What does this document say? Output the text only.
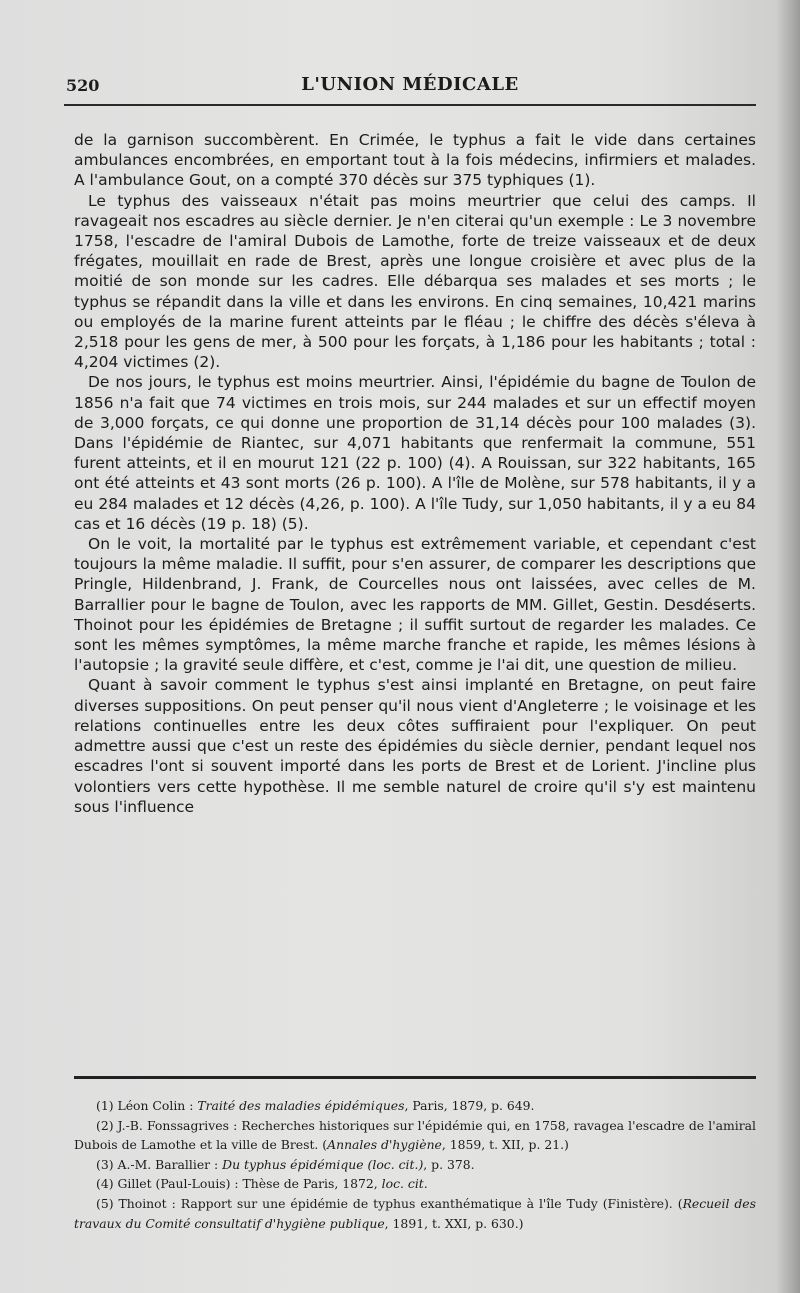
520	L'UNION MÉDICALE

de la garnison succombèrent. En Crimée, le typhus a fait le vide dans certaines ambulances encombrées, en emportant tout à la fois médecins, infirmiers et malades. A l'ambulance Gout, on a compté 370 décès sur 375 typhiques (1).

Le typhus des vaisseaux n'était pas moins meurtrier que celui des camps. Il ravageait nos escadres au siècle dernier. Je n'en citerai qu'un exemple : Le 3 novembre 1758, l'escadre de l'amiral Dubois de Lamothe, forte de treize vaisseaux et de deux frégates, mouillait en rade de Brest, après une longue croisière et avec plus de la moitié de son monde sur les cadres. Elle débarqua ses malades et ses morts ; le typhus se répandit dans la ville et dans les environs. En cinq semaines, 10,421 marins ou employés de la marine furent atteints par le fléau ; le chiffre des décès s'éleva à 2,518 pour les gens de mer, à 500 pour les forçats, à 1,186 pour les habitants ; total : 4,204 victimes (2).

De nos jours, le typhus est moins meurtrier. Ainsi, l'épidémie du bagne de Toulon de 1856 n'a fait que 74 victimes en trois mois, sur 244 malades et sur un effectif moyen de 3,000 forçats, ce qui donne une proportion de 31,14 décès pour 100 malades (3). Dans l'épidémie de Riantec, sur 4,071 habitants que renfermait la commune, 551 furent atteints, et il en mourut 121 (22 p. 100) (4). A Rouissan, sur 322 habitants, 165 ont été atteints et 43 sont morts (26 p. 100). A l'île de Molène, sur 578 habitants, il y a eu 284 malades et 12 décès (4,26, p. 100). A l'île Tudy, sur 1,050 habitants, il y a eu 84 cas et 16 décès (19 p. 18) (5).

On le voit, la mortalité par le typhus est extrêmement variable, et cependant c'est toujours la même maladie. Il suffit, pour s'en assurer, de comparer les descriptions que Pringle, Hildenbrand, J. Frank, de Courcelles nous ont laissées, avec celles de M. Barrallier pour le bagne de Toulon, avec les rapports de MM. Gillet, Gestin. Desdéserts. Thoinot pour les épidémies de Bretagne ; il suffit surtout de regarder les malades. Ce sont les mêmes symptômes, la même marche franche et rapide, les mêmes lésions à l'autopsie ; la gravité seule diffère, et c'est, comme je l'ai dit, une question de milieu.

Quant à savoir comment le typhus s'est ainsi implanté en Bretagne, on peut faire diverses suppositions. On peut penser qu'il nous vient d'Angleterre ; le voisinage et les relations continuelles entre les deux côtes suffiraient pour l'expliquer. On peut admettre aussi que c'est un reste des épidémies du siècle dernier, pendant lequel nos escadres l'ont si souvent importé dans les ports de Brest et de Lorient. J'incline plus volontiers vers cette hypothèse. Il me semble naturel de croire qu'il s'y est maintenu sous l'influence

(1) Léon Colin : Traité des maladies épidémiques, Paris, 1879, p. 649.

(2) J.-B. Fonssagrives : Recherches historiques sur l'épidémie qui, en 1758, ravagea l'escadre de l'amiral Dubois de Lamothe et la ville de Brest. (Annales d'hygiène, 1859, t. XII, p. 21.)

(3) A.-M. Barallier : Du typhus épidémique (loc. cit.), p. 378.

(4) Gillet (Paul-Louis) : Thèse de Paris, 1872, loc. cit.

(5) Thoinot : Rapport sur une épidémie de typhus exanthématique à l'île Tudy (Finistère). (Recueil des travaux du Comité consultatif d'hygiène publique, 1891, t. XXI, p. 630.)
